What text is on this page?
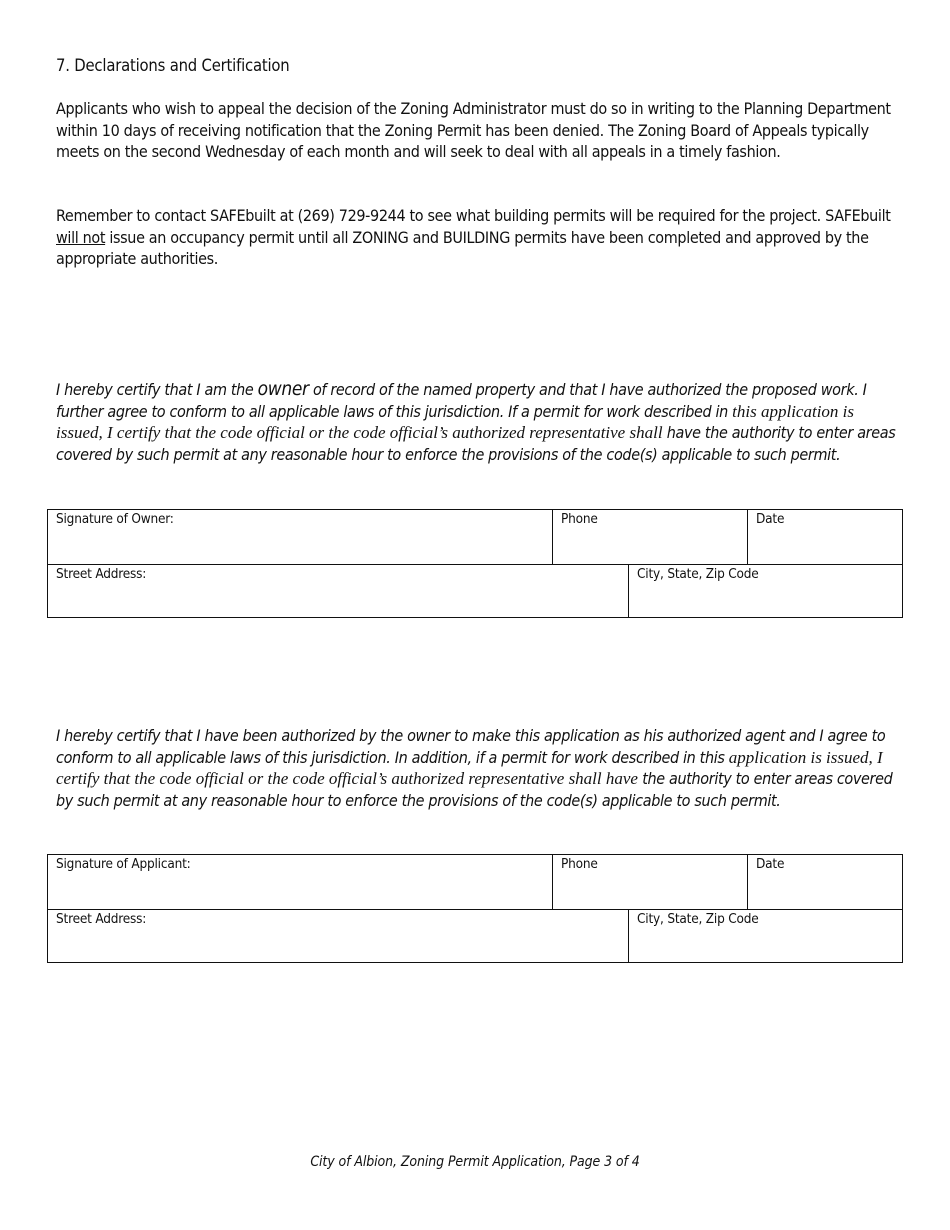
7. Declarations and Certification

Applicants who wish to appeal the decision of the Zoning Administrator must do so in writing to the Planning Department within 10 days of receiving notification that the Zoning Permit has been denied. The Zoning Board of Appeals typically meets on the second Wednesday of each month and will seek to deal with all appeals in a timely fashion.

Remember to contact SAFEbuilt at (269) 729-9244 to see what building permits will be required for the project. SAFEbuilt will not issue an occupancy permit until all ZONING and BUILDING permits have been completed and approved by the appropriate authorities.

I hereby certify that I am the owner of record of the named property and that I have authorized the proposed work. I further agree to conform to all applicable laws of this jurisdiction. If a permit for work described in this application is issued, I certify that the code official or the code official’s authorized representative shall have the authority to enter areas covered by such permit at any reasonable hour to enforce the provisions of the code(s) applicable to such permit.

Signature of Owner:	Phone	Date
Street Address:	City, State, Zip Code

I hereby certify that I have been authorized by the owner to make this application as his authorized agent and I agree to conform to all applicable laws of this jurisdiction. In addition, if a permit for work described in this application is issued, I certify that the code official or the code official’s authorized representative shall have the authority to enter areas covered by such permit at any reasonable hour to enforce the provisions of the code(s) applicable to such permit.

Signature of Applicant:	Phone	Date
Street Address:	City, State, Zip Code
City of Albion, Zoning Permit Application, Page 3 of 4
